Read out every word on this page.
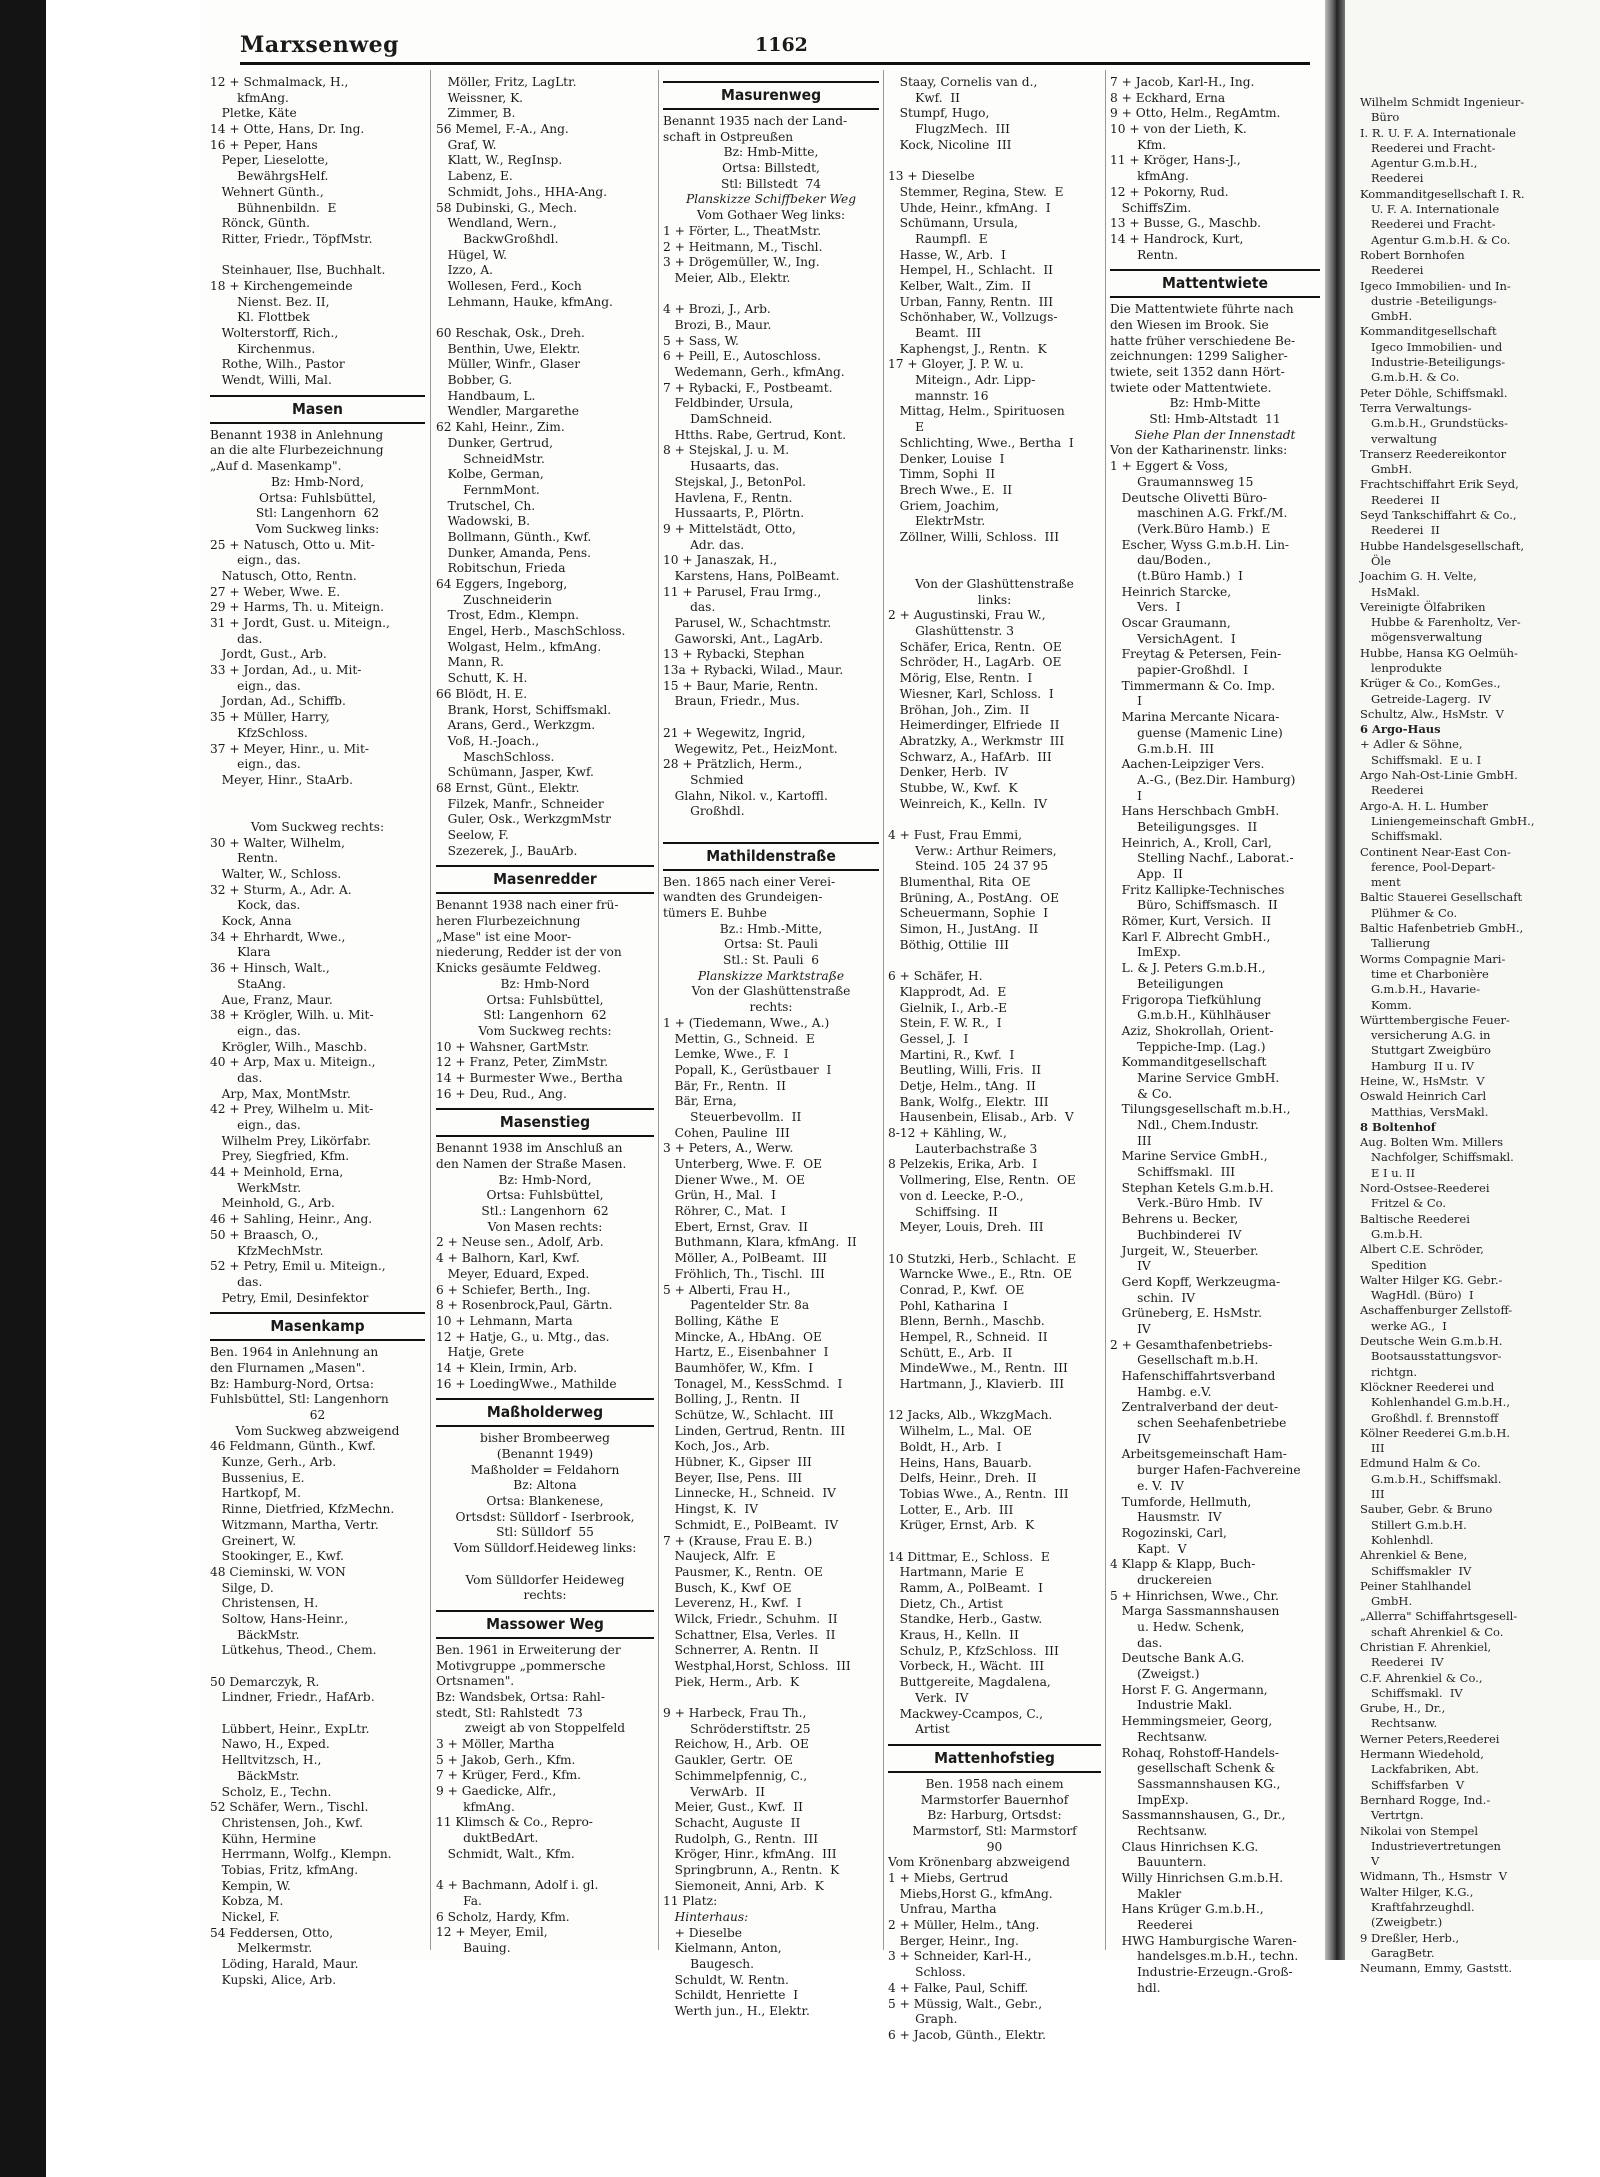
Marxsenweg	1162
12 + Schmalmack, H.,
kfmAng.
Pletke, Käte
14 + Otte, Hans, Dr. Ing.
16 + Peper, Hans
Peper, Lieselotte,
BewährgsHelf.
Wehnert Günth.,
Bühnenbildn.  E
Rönck, Günth.
Ritter, Friedr., TöpfMstr.
Steinhauer, Ilse, Buchhalt.
18 + Kirchengemeinde
Nienst. Bez. II,
Kl. Flottbek
Wolterstorff, Rich.,
Kirchenmus.
Rothe, Wilh., Pastor
Wendt, Willi, Mal.
Masen
Benannt 1938 in Anlehnung
an die alte Flurbezeichnung
„Auf d. Masenkamp".
Bz: Hmb-Nord,
Ortsa: Fuhlsbüttel,
Stl: Langenhorn  62
Vom Suckweg links:
25 + Natusch, Otto u. Mit-
eign., das.
Natusch, Otto, Rentn.
27 + Weber, Wwe. E.
29 + Harms, Th. u. Miteign.
31 + Jordt, Gust. u. Miteign.,
das.
Jordt, Gust., Arb.
33 + Jordan, Ad., u. Mit-
eign., das.
Jordan, Ad., Schiffb.
35 + Müller, Harry,
KfzSchloss.
37 + Meyer, Hinr., u. Mit-
eign., das.
Meyer, Hinr., StaArb.
Vom Suckweg rechts:
30 + Walter, Wilhelm,
Rentn.
Walter, W., Schloss.
32 + Sturm, A., Adr. A.
Kock, das.
Kock, Anna
34 + Ehrhardt, Wwe.,
Klara
36 + Hinsch, Walt.,
StaAng.
Aue, Franz, Maur.
38 + Krögler, Wilh. u. Mit-
eign., das.
Krögler, Wilh., Maschb.
40 + Arp, Max u. Miteign.,
das.
Arp, Max, MontMstr.
42 + Prey, Wilhelm u. Mit-
eign., das.
Wilhelm Prey, Likörfabr.
Prey, Siegfried, Kfm.
44 + Meinhold, Erna,
WerkMstr.
Meinhold, G., Arb.
46 + Sahling, Heinr., Ang.
50 + Braasch, O.,
KfzMechMstr.
52 + Petry, Emil u. Miteign.,
das.
Petry, Emil, Desinfektor
Masenkamp
Ben. 1964 in Anlehnung an
den Flurnamen „Masen".
Bz: Hamburg-Nord, Ortsa:
Fuhlsbüttel, Stl: Langenhorn
62
Vom Suckweg abzweigend
46 Feldmann, Günth., Kwf.
Kunze, Gerh., Arb.
Bussenius, E.
Hartkopf, M.
Rinne, Dietfried, KfzMechn.
Witzmann, Martha, Vertr.
Greinert, W.
Stookinger, E., Kwf.
48 Cieminski, W. VON
Silge, D.
Christensen, H.
Soltow, Hans-Heinr.,
BäckMstr.
Lütkehus, Theod., Chem.
50 Demarczyk, R.
Lindner, Friedr., HafArb.
Lübbert, Heinr., ExpLtr.
Nawo, H., Exped.
Helltvitzsch, H.,
BäckMstr.
Scholz, E., Techn.
52 Schäfer, Wern., Tischl.
Christensen, Joh., Kwf.
Kühn, Hermine
Herrmann, Wolfg., Klempn.
Tobias, Fritz, kfmAng.
Kempin, W.
Kobza, M.
Nickel, F.
54 Feddersen, Otto,
Melkermstr.
Löding, Harald, Maur.
Kupski, Alice, Arb.
Möller, Fritz, LagLtr.
Weissner, K.
Zimmer, B.
56 Memel, F.-A., Ang.
Graf, W.
Klatt, W., RegInsp.
Labenz, E.
Schmidt, Johs., HHA-Ang.
58 Dubinski, G., Mech.
Wendland, Wern.,
BackwGroßhdl.
Hügel, W.
Izzo, A.
Wollesen, Ferd., Koch
Lehmann, Hauke, kfmAng.
60 Reschak, Osk., Dreh.
Benthin, Uwe, Elektr.
Müller, Winfr., Glaser
Bobber, G.
Handbaum, L.
Wendler, Margarethe
62 Kahl, Heinr., Zim.
Dunker, Gertrud,
SchneidMstr.
Kolbe, German,
FernmMont.
Trutschel, Ch.
Wadowski, B.
Bollmann, Günth., Kwf.
Dunker, Amanda, Pens.
Robitschun, Frieda
64 Eggers, Ingeborg,
Zuschneiderin
Trost, Edm., Klempn.
Engel, Herb., MaschSchloss.
Wolgast, Helm., kfmAng.
Mann, R.
Schutt, K. H.
66 Blödt, H. E.
Brank, Horst, Schiffsmakl.
Arans, Gerd., Werkzgm.
Voß, H.-Joach.,
MaschSchloss.
Schümann, Jasper, Kwf.
68 Ernst, Günt., Elektr.
Filzek, Manfr., Schneider
Guler, Osk., WerkzgmMstr
Seelow, F.
Szezerek, J., BauArb.
Masenredder
Benannt 1938 nach einer frü-
heren Flurbezeichnung
„Mase" ist eine Moor-
niederung, Redder ist der von
Knicks gesäumte Feldweg.
Bz: Hmb-Nord
Ortsa: Fuhlsbüttel,
Stl: Langenhorn  62
Vom Suckweg rechts:
10 + Wahsner, GartMstr.
12 + Franz, Peter, ZimMstr.
14 + Burmester Wwe., Bertha
16 + Deu, Rud., Ang.
Masenstieg
Benannt 1938 im Anschluß an
den Namen der Straße Masen.
Bz: Hmb-Nord,
Ortsa: Fuhlsbüttel,
Stl.: Langenhorn  62
Von Masen rechts:
2 + Neuse sen., Adolf, Arb.
4 + Balhorn, Karl, Kwf.
Meyer, Eduard, Exped.
6 + Schiefer, Berth., Ing.
8 + Rosenbrock,Paul, Gärtn.
10 + Lehmann, Marta
12 + Hatje, G., u. Mtg., das.
Hatje, Grete
14 + Klein, Irmin, Arb.
16 + LoedingWwe., Mathilde
Maßholderweg
bisher Brombeerweg
(Benannt 1949)
Maßholder = Feldahorn
Bz: Altona
Ortsa: Blankenese,
Ortsdst: Sülldorf - Iserbrook,
Stl: Sülldorf  55
Vom Sülldorf.Heideweg links:
Vom Sülldorfer Heideweg
rechts:
Massower Weg
Ben. 1961 in Erweiterung der
Motivgruppe „pommersche
Ortsnamen".
Bz: Wandsbek, Ortsa: Rahl-
stedt, Stl: Rahlstedt  73
zweigt ab von Stoppelfeld
3 + Möller, Martha
5 + Jakob, Gerh., Kfm.
7 + Krüger, Ferd., Kfm.
9 + Gaedicke, Alfr.,
kfmAng.
11 Klimsch & Co., Repro-
duktBedArt.
Schmidt, Walt., Kfm.
4 + Bachmann, Adolf i. gl.
Fa.
6 Scholz, Hardy, Kfm.
12 + Meyer, Emil,
Bauing.
Masurenweg
Benannt 1935 nach der Land-
schaft in Ostpreußen
Bz: Hmb-Mitte,
Ortsa: Billstedt,
Stl: Billstedt  74
Planskizze Schiffbeker Weg
Vom Gothaer Weg links:
1 + Förter, L., TheatMstr.
2 + Heitmann, M., Tischl.
3 + Drögemüller, W., Ing.
Meier, Alb., Elektr.
4 + Brozi, J., Arb.
Brozi, B., Maur.
5 + Sass, W.
6 + Peill, E., Autoschloss.
Wedemann, Gerh., kfmAng.
7 + Rybacki, F., Postbeamt.
Feldbinder, Ursula,
DamSchneid.
Htths. Rabe, Gertrud, Kont.
8 + Stejskal, J. u. M.
Husaarts, das.
Stejskal, J., BetonPol.
Havlena, F., Rentn.
Hussaarts, P., Plörtn.
9 + Mittelstädt, Otto,
Adr. das.
10 + Janaszak, H.,
Karstens, Hans, PolBeamt.
11 + Parusel, Frau Irmg.,
das.
Parusel, W., Schachtmstr.
Gaworski, Ant., LagArb.
13 + Rybacki, Stephan
13a + Rybacki, Wilad., Maur.
15 + Baur, Marie, Rentn.
Braun, Friedr., Mus.
21 + Wegewitz, Ingrid,
Wegewitz, Pet., HeizMont.
28 + Prätzlich, Herm.,
Schmied
Glahn, Nikol. v., Kartoffl.
Großhdl.
Mathildenstraße
Ben. 1865 nach einer Verei-
wandten des Grundeigen-
tümers E. Buhbe
Bz.: Hmb.-Mitte,
Ortsa: St. Pauli
Stl.: St. Pauli  6
Planskizze Marktstraße
Von der Glashüttenstraße
rechts:
1 + (Tiedemann, Wwe., A.)
Mettin, G., Schneid.  E
Lemke, Wwe., F.  I
Popall, K., Gerüstbauer  I
Bär, Fr., Rentn.  II
Bär, Erna,
Steuerbevollm.  II
Cohen, Pauline  III
3 + Peters, A., Werw.
Unterberg, Wwe. F.  OE
Diener Wwe., M.  OE
Grün, H., Mal.  I
Röhrer, C., Mat.  I
Ebert, Ernst, Grav.  II
Buthmann, Klara, kfmAng.  II
Möller, A., PolBeamt.  III
Fröhlich, Th., Tischl.  III
5 + Alberti, Frau H.,
Pagentelder Str. 8a
Bolling, Käthe  E
Mincke, A., HbAng.  OE
Hartz, E., Eisenbahner  I
Baumhöfer, W., Kfm.  I
Tonagel, M., KessSchmd.  I
Bolling, J., Rentn.  II
Schütze, W., Schlacht.  III
Linden, Gertrud, Rentn.  III
Koch, Jos., Arb.
Hübner, K., Gipser  III
Beyer, Ilse, Pens.  III
Linnecke, H., Schneid.  IV
Hingst, K.  IV
Schmidt, E., PolBeamt.  IV
7 + (Krause, Frau E. B.)
Naujeck, Alfr.  E
Pausmer, K., Rentn.  OE
Busch, K., Kwf  OE
Leverenz, H., Kwf.  I
Wilck, Friedr., Schuhm.  II
Schattner, Elsa, Verles.  II
Schnerrer, A. Rentn.  II
Westphal,Horst, Schloss.  III
Piek, Herm., Arb.  K
9 + Harbeck, Frau Th.,
Schröderstiftstr. 25
Reichow, H., Arb.  OE
Gaukler, Gertr.  OE
Schimmelpfennig, C.,
VerwArb.  II
Meier, Gust., Kwf.  II
Schacht, Auguste  II
Rudolph, G., Rentn.  III
Kröger, Hinr., kfmAng.  III
Springbrunn, A., Rentn.  K
Siemoneit, Anni, Arb.  K
11 Platz:
Hinterhaus:
+ Dieselbe
Kielmann, Anton,
Baugesch.
Schuldt, W. Rentn.
Schildt, Henriette  I
Werth jun., H., Elektr.
Staay, Cornelis van d.,
Kwf.  II
Stumpf, Hugo,
FlugzMech.  III
Kock, Nicoline  III
13 + Dieselbe
Stemmer, Regina, Stew.  E
Uhde, Heinr., kfmAng.  I
Schümann, Ursula,
Raumpfl.  E
Hasse, W., Arb.  I
Hempel, H., Schlacht.  II
Kelber, Walt., Zim.  II
Urban, Fanny, Rentn.  III
Schönhaber, W., Vollzugs-
Beamt.  III
Kaphengst, J., Rentn.  K
17 + Gloyer, J. P. W. u.
Miteign., Adr. Lipp-
mannstr. 16
Mittag, Helm., Spirituosen
E
Schlichting, Wwe., Bertha  I
Denker, Louise  I
Timm, Sophi  II
Brech Wwe., E.  II
Griem, Joachim,
ElektrMstr.
Zöllner, Willi, Schloss.  III
Von der Glashüttenstraße
links:
2 + Augustinski, Frau W.,
Glashüttenstr. 3
Schäfer, Erica, Rentn.  OE
Schröder, H., LagArb.  OE
Mörig, Else, Rentn.  I
Wiesner, Karl, Schloss.  I
Bröhan, Joh., Zim.  II
Heimerdinger, Elfriede  II
Abratzky, A., Werkmstr  III
Schwarz, A., HafArb.  III
Denker, Herb.  IV
Stubbe, W., Kwf.  K
Weinreich, K., Kelln.  IV
4 + Fust, Frau Emmi,
Verw.: Arthur Reimers,
Steind. 105  24 37 95
Blumenthal, Rita  OE
Brüning, A., PostAng.  OE
Scheuermann, Sophie  I
Simon, H., JustAng.  II
Böthig, Ottilie  III
6 + Schäfer, H.
Klapprodt, Ad.  E
Gielnik, I., Arb.-E
Stein, F. W. R.,  I
Gessel, J.  I
Martini, R., Kwf.  I
Beutling, Willi, Fris.  II
Detje, Helm., tAng.  II
Bank, Wolfg., Elektr.  III
Hausenbein, Elisab., Arb.  V
8-12 + Kähling, W.,
Lauterbachstraße 3
8 Pelzekis, Erika, Arb.  I
Vollmering, Else, Rentn.  OE
von d. Leecke, P.-O.,
Schiffsing.  II
Meyer, Louis, Dreh.  III
10 Stutzki, Herb., Schlacht.  E
Warncke Wwe., E., Rtn.  OE
Conrad, P., Kwf.  OE
Pohl, Katharina  I
Blenn, Bernh., Maschb.
Hempel, R., Schneid.  II
Schütt, E., Arb.  II
MindeWwe., M., Rentn.  III
Hartmann, J., Klavierb.  III
12 Jacks, Alb., WkzgMach.
Wilhelm, L., Mal.  OE
Boldt, H., Arb.  I
Heins, Hans, Bauarb.
Delfs, Heinr., Dreh.  II
Tobias Wwe., A., Rentn.  III
Lotter, E., Arb.  III
Krüger, Ernst, Arb.  K
14 Dittmar, E., Schloss.  E
Hartmann, Marie  E
Ramm, A., PolBeamt.  I
Dietz, Ch., Artist
Standke, Herb., Gastw.
Kraus, H., Kelln.  II
Schulz, P., KfzSchloss.  III
Vorbeck, H., Wächt.  III
Buttgereite, Magdalena,
Verk.  IV
Mackwey-Ccampos, C.,
Artist
Mattenhofstieg
Ben. 1958 nach einem
Marmstorfer Bauernhof
Bz: Harburg, Ortsdst:
Marmstorf, Stl: Marmstorf
90
Vom Krönenbarg abzweigend
1 + Miebs, Gertrud
Miebs,Horst G., kfmAng.
Unfrau, Martha
2 + Müller, Helm., tAng.
Berger, Heinr., Ing.
3 + Schneider, Karl-H.,
Schloss.
4 + Falke, Paul, Schiff.
5 + Müssig, Walt., Gebr.,
Graph.
6 + Jacob, Günth., Elektr.
7 + Jacob, Karl-H., Ing.
8 + Eckhard, Erna
9 + Otto, Helm., RegAmtm.
10 + von der Lieth, K.
Kfm.
11 + Kröger, Hans-J.,
kfmAng.
12 + Pokorny, Rud.
SchiffsZim.
13 + Busse, G., Maschb.
14 + Handrock, Kurt,
Rentn.
Mattentwiete
Die Mattentwiete führte nach
den Wiesen im Brook. Sie
hatte früher verschiedene Be-
zeichnungen: 1299 Saligher-
twiete, seit 1352 dann Hört-
twiete oder Mattentwiete.
Bz: Hmb-Mitte
Stl: Hmb-Altstadt  11
Siehe Plan der Innenstadt
Von der Katharinenstr. links:
1 + Eggert & Voss,
Graumannsweg 15
Deutsche Olivetti Büro-
maschinen A.G. Frkf./M.
(Verk.Büro Hamb.)  E
Escher, Wyss G.m.b.H. Lin-
dau/Boden.,
(t.Büro Hamb.)  I
Heinrich Starcke,
Vers.  I
Oscar Graumann,
VersichAgent.  I
Freytag & Petersen, Fein-
papier-Großhdl.  I
Timmermann & Co. Imp.
I
Marina Mercante Nicara-
guense (Mamenic Line)
G.m.b.H.  III
Aachen-Leipziger Vers.
A.-G., (Bez.Dir. Hamburg)
I
Hans Herschbach GmbH.
Beteiligungsges.  II
Heinrich, A., Kroll, Carl,
Stelling Nachf., Laborat.-
App.  II
Fritz Kallipke-Technisches
Büro, Schiffsmasch.  II
Römer, Kurt, Versich.  II
Karl F. Albrecht GmbH.,
ImExp.
L. & J. Peters G.m.b.H.,
Beteiligungen
Frigoropa Tiefkühlung
G.m.b.H., Kühlhäuser
Aziz, Shokrollah, Orient-
Teppiche-Imp. (Lag.)
Kommanditgesellschaft
Marine Service GmbH.
& Co.
Tilungsgesellschaft m.b.H.,
Ndl., Chem.Industr.
III
Marine Service GmbH.,
Schiffsmakl.  III
Stephan Ketels G.m.b.H.
Verk.-Büro Hmb.  IV
Behrens u. Becker,
Buchbinderei  IV
Jurgeit, W., Steuerber.
IV
Gerd Kopff, Werkzeugma-
schin.  IV
Grüneberg, E. HsMstr.
IV
2 + Gesamthafenbetriebs-
Gesellschaft m.b.H.
Hafenschiffahrtsverband
Hambg. e.V.
Zentralverband der deut-
schen Seehafenbetriebe
IV
Arbeitsgemeinschaft Ham-
burger Hafen-Fachvereine
e. V.  IV
Tumforde, Hellmuth,
Hausmstr.  IV
Rogozinski, Carl,
Kapt.  V
4 Klapp & Klapp, Buch-
druckereien
5 + Hinrichsen, Wwe., Chr.
Marga Sassmannshausen
u. Hedw. Schenk,
das.
Deutsche Bank A.G.
(Zweigst.)
Horst F. G. Angermann,
Industrie Makl.
Hemmingsmeier, Georg,
Rechtsanw.
Rohaq, Rohstoff-Handels-
gesellschaft Schenk &
Sassmannshausen KG.,
ImpExp.
Sassmannshausen, G., Dr.,
Rechtsanw.
Claus Hinrichsen K.G.
Bauuntern.
Willy Hinrichsen G.m.b.H.
Makler
Hans Krüger G.m.b.H.,
Reederei
HWG Hamburgische Waren-
handelsges.m.b.H., techn.
Industrie-Erzeugn.-Groß-
hdl.
Wilhelm Schmidt Ingenieur-
Büro
I. R. U. F. A. Internationale
Reederei und Fracht-
Agentur G.m.b.H.,
Reederei
Kommanditgesellschaft I. R.
U. F. A. Internationale
Reederei und Fracht-
Agentur G.m.b.H. & Co.
Robert Bornhofen
Reederei
Igeco Immobilien- und In-
dustrie -Beteiligungs-
GmbH.
Kommanditgesellschaft
Igeco Immobilien- und
Industrie-Beteiligungs-
G.m.b.H. & Co.
Peter Döhle, Schiffsmakl.
Terra Verwaltungs-
G.m.b.H., Grundstücks-
verwaltung
Transerz Reedereikontor
GmbH.
Frachtschiffahrt Erik Seyd,
Reederei  II
Seyd Tankschiffahrt & Co.,
Reederei  II
Hubbe Handelsgesellschaft,
Öle
Joachim G. H. Velte,
HsMakl.
Vereinigte Ölfabriken
Hubbe & Farenholtz, Ver-
mögensverwaltung
Hubbe, Hansa KG Oelmüh-
lenprodukte
Krüger & Co., KomGes.,
Getreide-Lagerg.  IV
Schultz, Alw., HsMstr.  V
6 Argo-Haus
+ Adler & Söhne,
Schiffsmakl.  E u. I
Argo Nah-Ost-Linie GmbH.
Reederei
Argo-A. H. L. Humber
Liniengemeinschaft GmbH.,
Schiffsmakl.
Continent Near-East Con-
ference, Pool-Depart-
ment
Baltic Stauerei Gesellschaft
Plühmer & Co.
Baltic Hafenbetrieb GmbH.,
Tallierung
Worms Compagnie Mari-
time et Charbonière
G.m.b.H., Havarie-
Komm.
Württembergische Feuer-
versicherung A.G. in
Stuttgart Zweigbüro
Hamburg  II u. IV
Heine, W., HsMstr.  V
Oswald Heinrich Carl
Matthias, VersMakl.
8 Boltenhof
Aug. Bolten Wm. Millers
Nachfolger, Schiffsmakl.
E I u. II
Nord-Ostsee-Reederei
Fritzel & Co.
Baltische Reederei
G.m.b.H.
Albert C.E. Schröder,
Spedition
Walter Hilger KG. Gebr.-
WagHdl. (Büro)  I
Aschaffenburger Zellstoff-
werke AG.,  I
Deutsche Wein G.m.b.H.
Bootsausstattungsvor-
richtgn.
Klöckner Reederei und
Kohlenhandel G.m.b.H.,
Großhdl. f. Brennstoff
Kölner Reederei G.m.b.H.
III
Edmund Halm & Co.
G.m.b.H., Schiffsmakl.
III
Sauber, Gebr. & Bruno
Stillert G.m.b.H.
Kohlenhdl.
Ahrenkiel & Bene,
Schiffsmakler  IV
Peiner Stahlhandel
GmbH.
„Allerra" Schiffahrtsgesell-
schaft Ahrenkiel & Co.
Christian F. Ahrenkiel,
Reederei  IV
C.F. Ahrenkiel & Co.,
Schiffsmakl.  IV
Grube, H., Dr.,
Rechtsanw.
Werner Peters,Reederei
Hermann Wiedehold,
Lackfabriken, Abt.
Schiffsfarben  V
Bernhard Rogge, Ind.-
Vertrtgn.
Nikolai von Stempel
Industrievertretungen
V
Widmann, Th., Hsmstr  V
Walter Hilger, K.G.,
Kraftfahrzeughdl.
(Zweigbetr.)
9 Dreßler, Herb.,
GaragBetr.
Neumann, Emmy, Gaststt.
